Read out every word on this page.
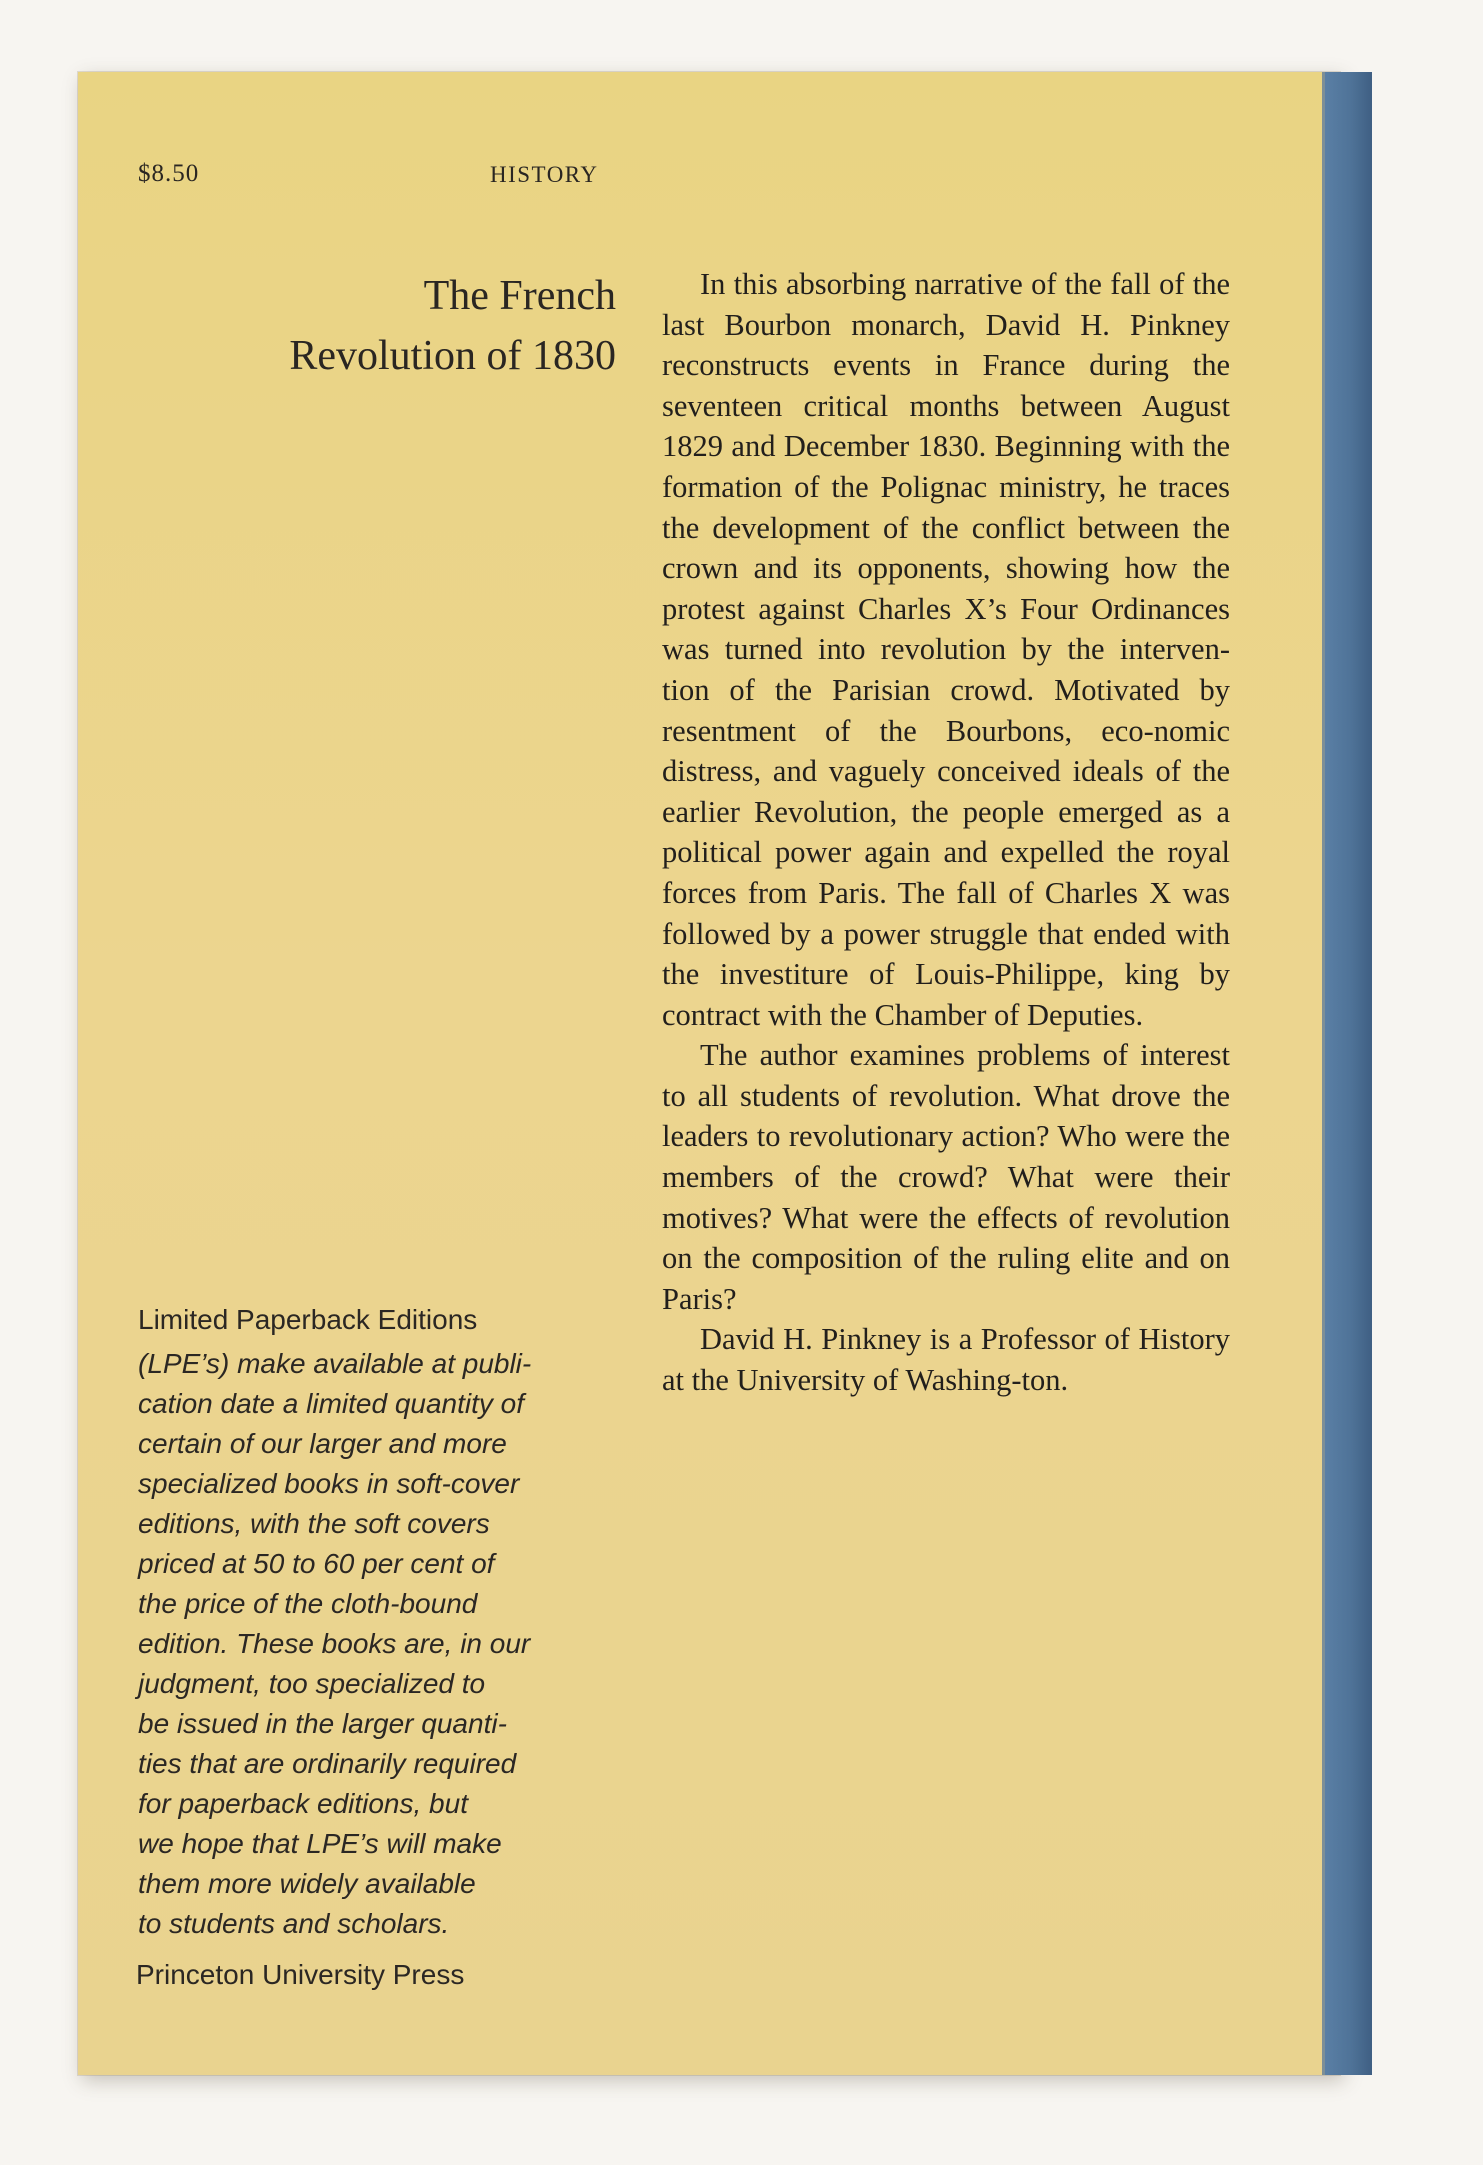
$8.50	HISTORY
The French
Revolution of 1830

In this absorbing narrative of the fall of the last Bourbon monarch, David H. Pinkney reconstructs events in France during the seventeen critical months between August 1829 and December 1830. Beginning with the formation of the Polignac ministry, he traces the development of the conflict between the crown and its opponents, showing how the protest against Charles X’s Four Ordinances was turned into revolution by the interven-tion of the Parisian crowd. Motivated by resentment of the Bourbons, eco-nomic distress, and vaguely conceived ideals of the earlier Revolution, the people emerged as a political power again and expelled the royal forces from Paris. The fall of Charles X was followed by a power struggle that ended with the investiture of Louis-Philippe, king by contract with the Chamber of Deputies.

The author examines problems of interest to all students of revolution. What drove the leaders to revolutionary action? Who were the members of the crowd? What were their motives? What were the effects of revolution on the composition of the ruling elite and on Paris?

David H. Pinkney is a Professor of History at the University of Washing-ton.

Limited Paperback Editions
(LPE’s) make available at publi-
cation date a limited quantity of
certain of our larger and more
specialized books in soft-cover
editions, with the soft covers
priced at 50 to 60 per cent of
the price of the cloth-bound
edition. These books are, in our
judgment, too specialized to
be issued in the larger quanti-
ties that are ordinarily required
for paperback editions, but
we hope that LPE’s will make
them more widely available
to students and scholars.
Princeton University Press
